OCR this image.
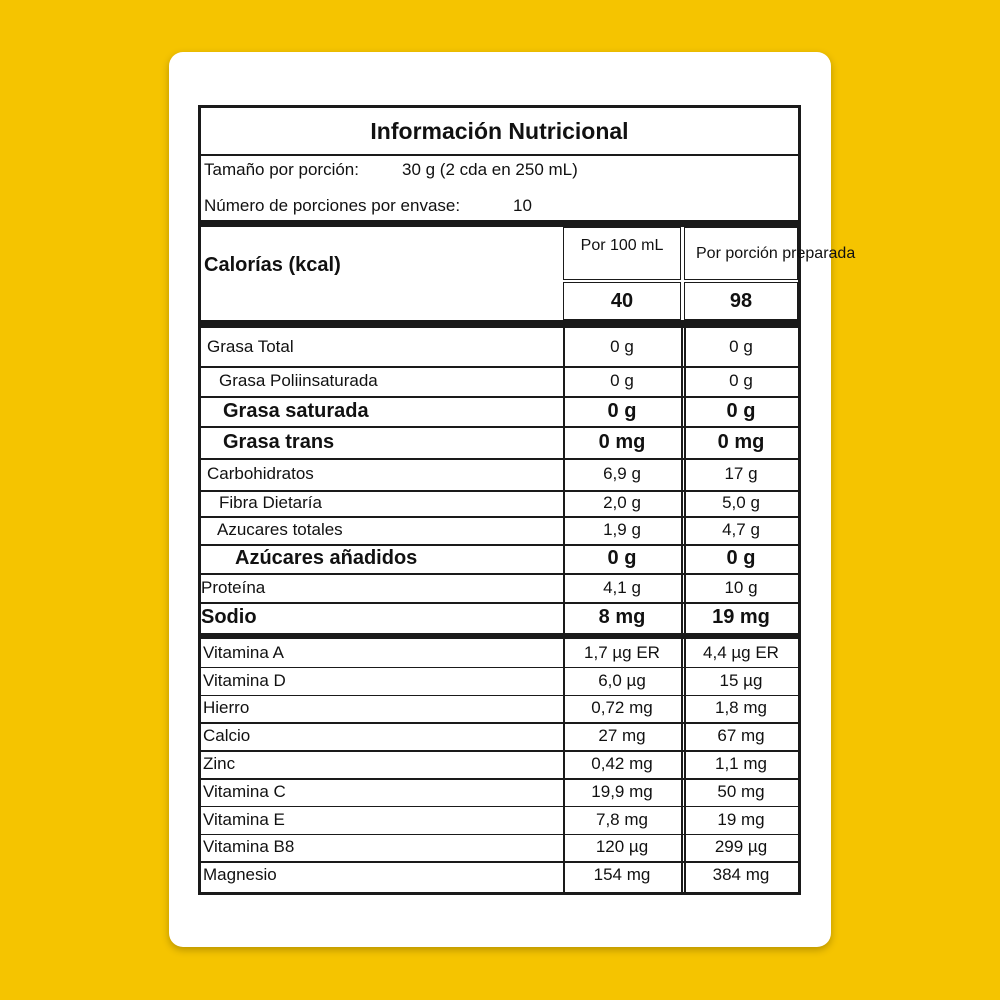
Información Nutricional
Tamaño por porción:	30 g (2 cda en 250 mL)
Número de porciones por envase:	10
Calorías (kcal)
Por 100 mL	Por porción preparada
40	98
Grasa Total	0 g	0 g
Grasa Poliinsaturada	0 g	0 g
Grasa saturada	0 g	0 g
Grasa trans	0 mg	0 mg
Carbohidratos	6,9 g	17 g
Fibra Dietaría	2,0 g	5,0 g
Azucares totales	1,9 g	4,7 g
Azúcares añadidos	0 g	0 g
Proteína	4,1 g	10 g
Sodio	8 mg	19 mg
Vitamina A	1,7 µg ER	4,4 µg ER
Vitamina D	6,0 µg	15 µg
Hierro	0,72 mg	1,8 mg
Calcio	27 mg	67 mg
Zinc	0,42 mg	1,1 mg
Vitamina C	19,9 mg	50 mg
Vitamina E	7,8 mg	19 mg
Vitamina B8	120 µg	299 µg
Magnesio	154 mg	384 mg
